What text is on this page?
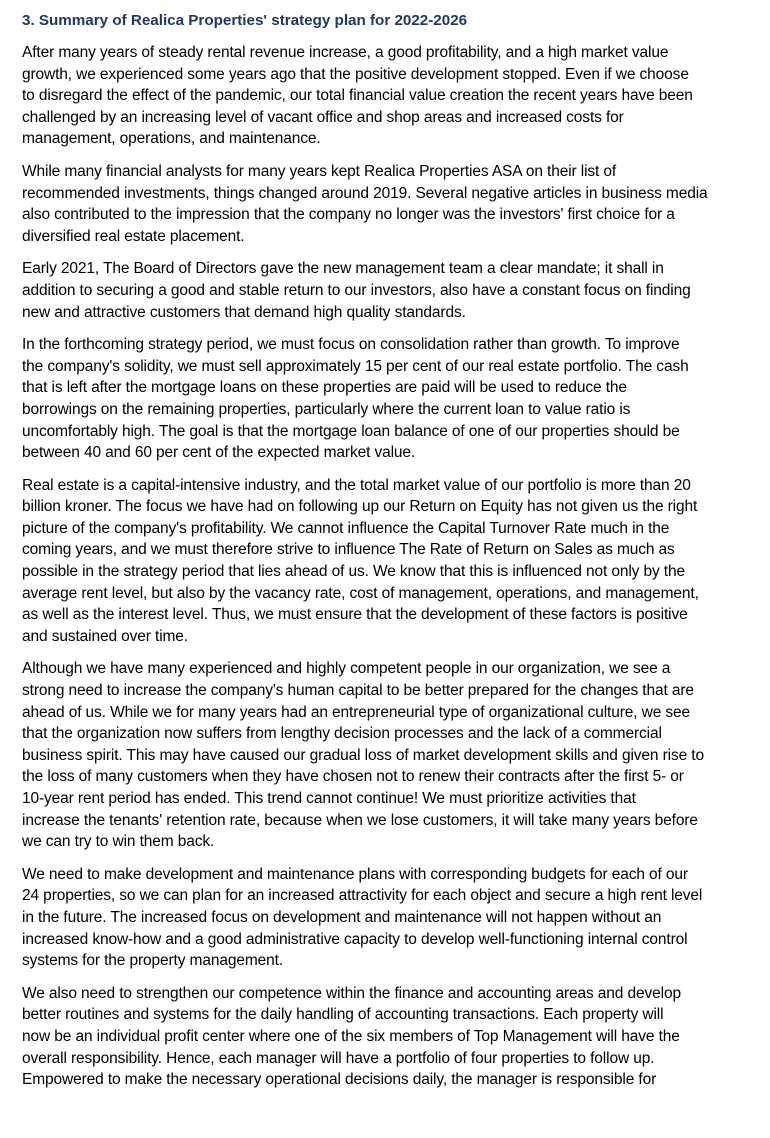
3. Summary of Realica Properties' strategy plan for 2022-2026
After many years of steady rental revenue increase, a good profitability, and a high market value
growth, we experienced some years ago that the positive development stopped. Even if we choose
to disregard the effect of the pandemic, our total financial value creation the recent years have been
challenged by an increasing level of vacant office and shop areas and increased costs for
management, operations, and maintenance.
While many financial analysts for many years kept Realica Properties ASA on their list of
recommended investments, things changed around 2019. Several negative articles in business media
also contributed to the impression that the company no longer was the investors' first choice for a
diversified real estate placement.
Early 2021, The Board of Directors gave the new management team a clear mandate; it shall in
addition to securing a good and stable return to our investors, also have a constant focus on finding
new and attractive customers that demand high quality standards.
In the forthcoming strategy period, we must focus on consolidation rather than growth. To improve
the company's solidity, we must sell approximately 15 per cent of our real estate portfolio. The cash
that is left after the mortgage loans on these properties are paid will be used to reduce the
borrowings on the remaining properties, particularly where the current loan to value ratio is
uncomfortably high. The goal is that the mortgage loan balance of one of our properties should be
between 40 and 60 per cent of the expected market value.
Real estate is a capital-intensive industry, and the total market value of our portfolio is more than 20
billion kroner. The focus we have had on following up our Return on Equity has not given us the right
picture of the company's profitability. We cannot influence the Capital Turnover Rate much in the
coming years, and we must therefore strive to influence The Rate of Return on Sales as much as
possible in the strategy period that lies ahead of us. We know that this is influenced not only by the
average rent level, but also by the vacancy rate, cost of management, operations, and management,
as well as the interest level. Thus, we must ensure that the development of these factors is positive
and sustained over time.
Although we have many experienced and highly competent people in our organization, we see a
strong need to increase the company's human capital to be better prepared for the changes that are
ahead of us. While we for many years had an entrepreneurial type of organizational culture, we see
that the organization now suffers from lengthy decision processes and the lack of a commercial
business spirit. This may have caused our gradual loss of market development skills and given rise to
the loss of many customers when they have chosen not to renew their contracts after the first 5- or
10-year rent period has ended. This trend cannot continue! We must prioritize activities that
increase the tenants' retention rate, because when we lose customers, it will take many years before
we can try to win them back.
We need to make development and maintenance plans with corresponding budgets for each of our
24 properties, so we can plan for an increased attractivity for each object and secure a high rent level
in the future. The increased focus on development and maintenance will not happen without an
increased know-how and a good administrative capacity to develop well-functioning internal control
systems for the property management.
We also need to strengthen our competence within the finance and accounting areas and develop
better routines and systems for the daily handling of accounting transactions. Each property will
now be an individual profit center where one of the six members of Top Management will have the
overall responsibility. Hence, each manager will have a portfolio of four properties to follow up.
Empowered to make the necessary operational decisions daily, the manager is responsible for
